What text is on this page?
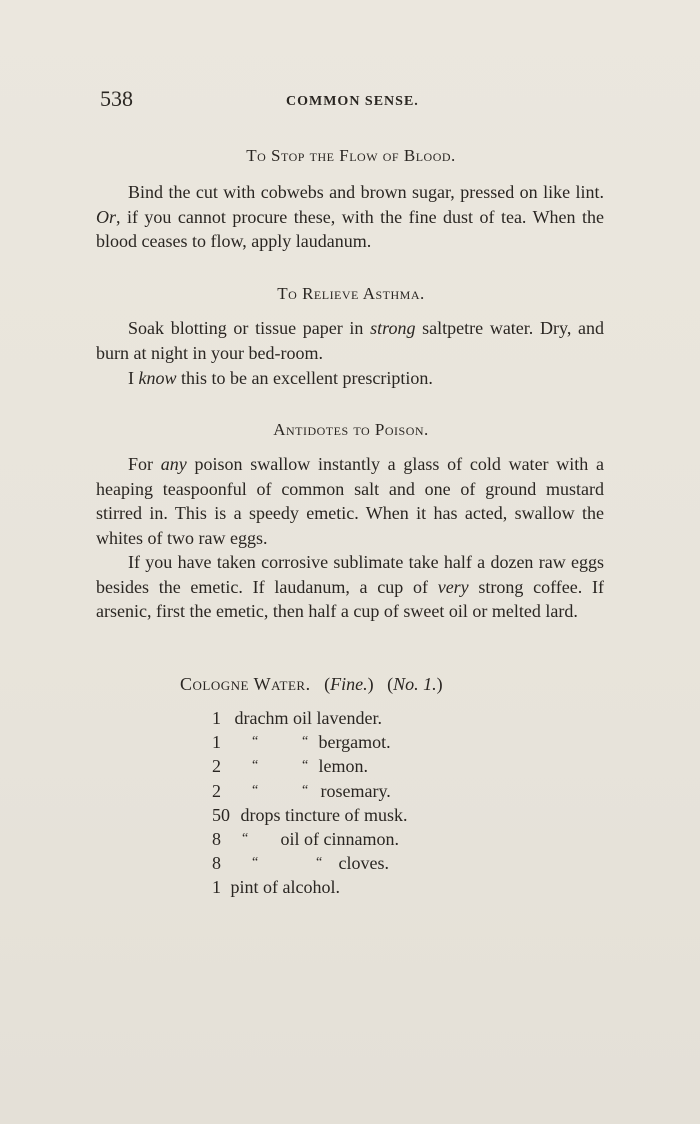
538	COMMON SENSE.
To Stop the Flow of Blood.

Bind the cut with cobwebs and brown sugar, pressed on like lint. Or, if you cannot procure these, with the fine dust of tea. When the blood ceases to flow, apply laudanum.

To Relieve Asthma.

Soak blotting or tissue paper in strong saltpetre water. Dry, and burn at night in your bed-room.

I know this to be an excellent prescription.

Antidotes to Poison.

For any poison swallow instantly a glass of cold water with a heaping teaspoonful of common salt and one of ground mustard stirred in. This is a speedy emetic. When it has acted, swallow the whites of two raw eggs.

If you have taken corrosive sublimate take half a dozen raw eggs besides the emetic. If laudanum, a cup of very strong coffee. If arsenic, first the emetic, then half a cup of sweet oil or melted lard.

Cologne Water.   (Fine.)   (No. 1.)
1 drachm oil lavender.
1 “	“ bergamot.
2 “	“ lemon.
2 “	“ rosemary.
50 drops tincture of musk.
8 “ oil of cinnamon.
8 “	“ cloves.
1 pint of alcohol.
